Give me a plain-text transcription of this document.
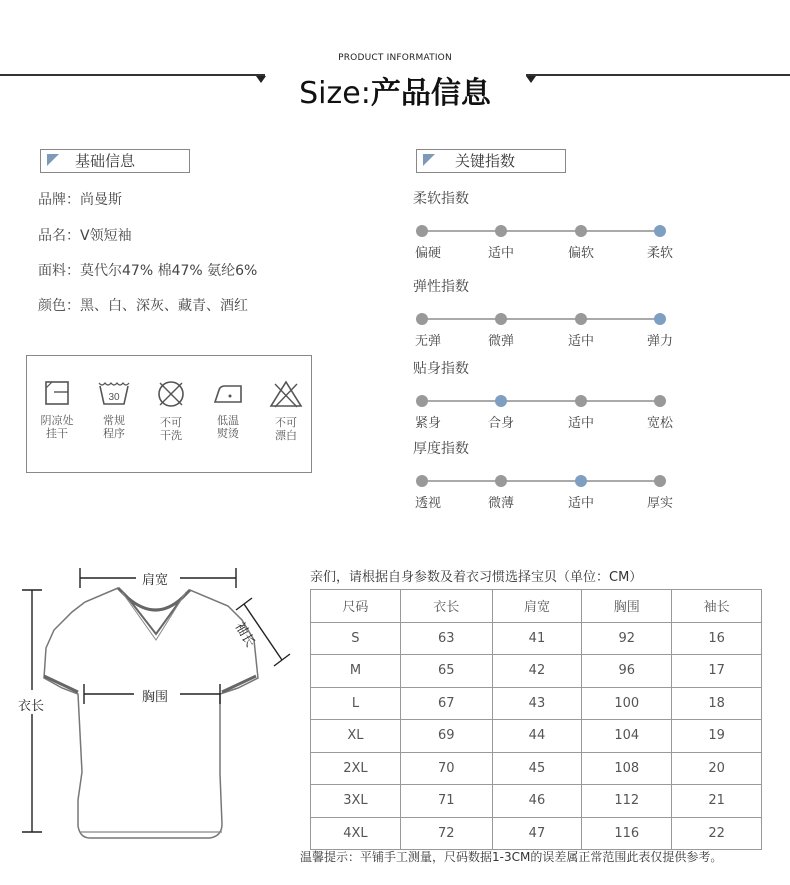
PRODUCT INFORMATION
Size:产品信息
基础信息
品牌：尚曼斯
品名：V领短袖
面料：莫代尔47% 棉47% 氨纶6%
颜色：黑、白、深灰、藏青、酒红
阴凉处
挂干
30
常规
程序
不可
干洗
低温
熨烫
不可
漂白
关键指数
柔软指数
偏硬	适中	偏软	柔软
弹性指数
无弹	微弹	适中	弹力
贴身指数
紧身	合身	适中	宽松
厚度指数
透视	微薄	适中	厚实
肩宽
袖长
胸围
衣长
亲们，请根据自身参数及着衣习惯选择宝贝（单位：CM）
尺码	衣长	肩宽	胸围	袖长
S	63	41	92	16
M	65	42	96	17
L	67	43	100	18
XL	69	44	104	19
2XL	70	45	108	20
3XL	71	46	112	21
4XL	72	47	116	22
温馨提示：平铺手工测量，尺码数据1-3CM的误差属正常范围此表仅提供参考。
